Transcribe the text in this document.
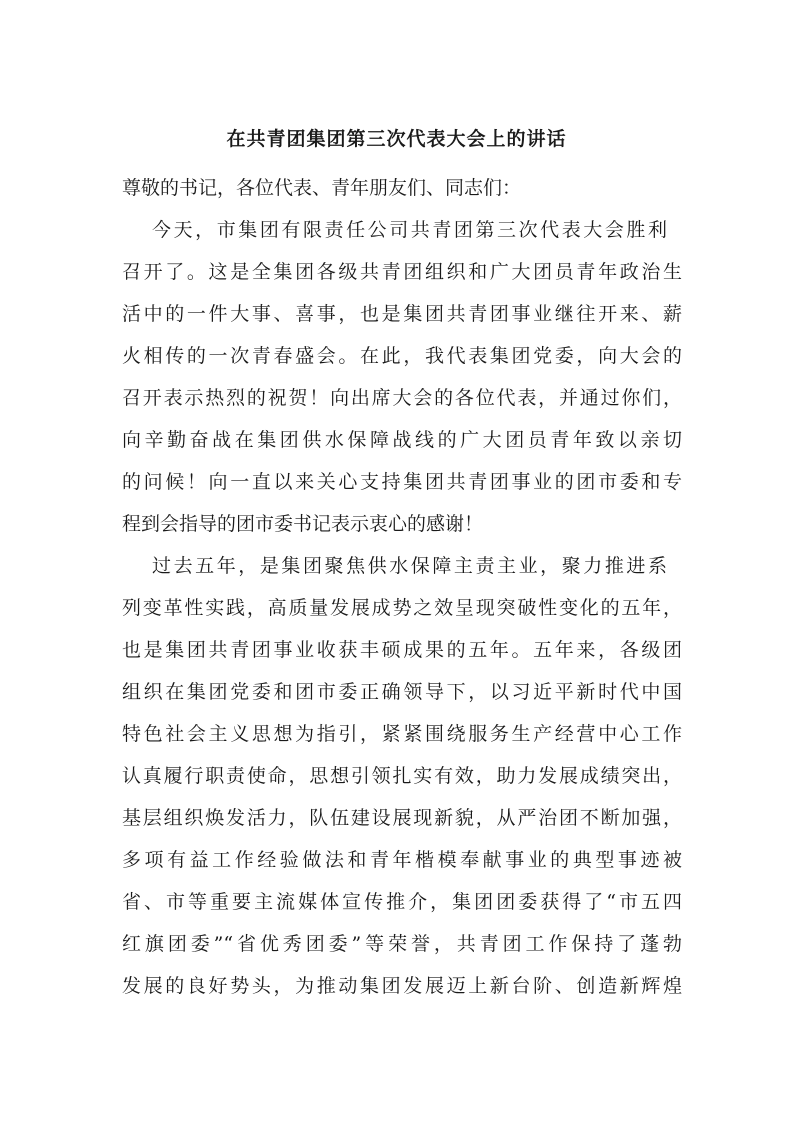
在共青团集团第三次代表大会上的讲话
尊敬的书记，各位代表、青年朋友们、同志们：
今天，市集团有限责任公司共青团第三次代表大会胜利
召开了。这是全集团各级共青团组织和广大团员青年政治生
活中的一件大事、喜事，也是集团共青团事业继往开来、薪
火相传的一次青春盛会。在此，我代表集团党委，向大会的
召开表示热烈的祝贺！向出席大会的各位代表，并通过你们，
向辛勤奋战在集团供水保障战线的广大团员青年致以亲切
的问候！向一直以来关心支持集团共青团事业的团市委和专
程到会指导的团市委书记表示衷心的感谢！
过去五年，是集团聚焦供水保障主责主业，聚力推进系
列变革性实践，高质量发展成势之效呈现突破性变化的五年，
也是集团共青团事业收获丰硕成果的五年。五年来，各级团
组织在集团党委和团市委正确领导下，以习近平新时代中国
特色社会主义思想为指引，紧紧围绕服务生产经营中心工作
认真履行职责使命，思想引领扎实有效，助力发展成绩突出，
基层组织焕发活力，队伍建设展现新貌，从严治团不断加强，
多项有益工作经验做法和青年楷模奉献事业的典型事迹被
省、市等重要主流媒体宣传推介，集团团委获得了“市五四
红旗团委”“省优秀团委”等荣誉，共青团工作保持了蓬勃
发展的良好势头，为推动集团发展迈上新台阶、创造新辉煌
